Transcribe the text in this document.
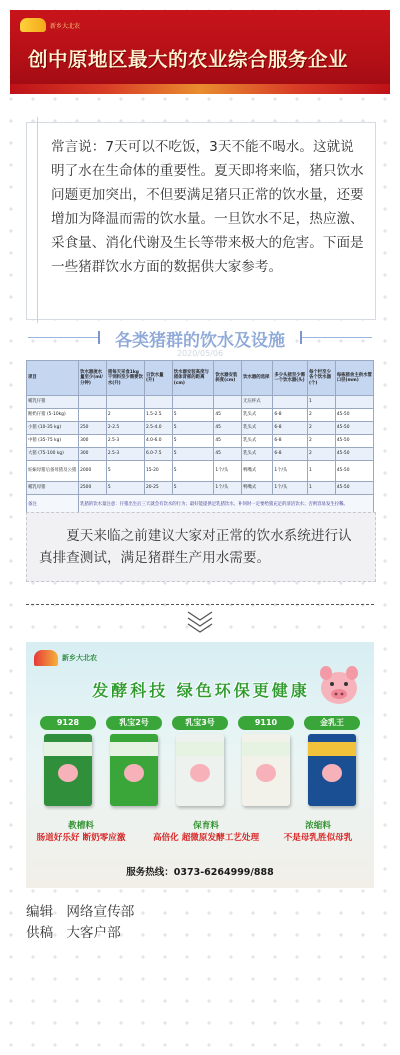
新乡大北农
创中原地区最大的农业综合服务企业
常言说：7天可以不吃饭，3天不能不喝水。这就说明了水在生命体的重要性。夏天即将来临，猪只饮水问题更加突出，不但要满足猪只正常的饮水量，还要增加为降温而需的饮水量。一旦饮水不足，热应激、采食量、消化代谢及生长等带来极大的危害。下面是一些猪群饮水方面的数据供大家参考。
各类猪群的饮水及设施
2020/05/06
项目	饮水器流水量至少(ml/分钟)	猪每天采食1kg干饲料至少需要饮水(升)	日饮水量(升)	饮水器安装高度与猪体背部的距离(cm)	饮水器安装斜度(cm)	饮水器的选择	多少头猪至少需一个饮水器(头)	每个栏至少各个饮水器(个)	每栋猪舍主供水管口径(mm)
哺乳仔猪						无压杯式		1	
断奶仔猪 (5-10kg)		2	1.5-2.5	5	45	乳头式	6-8	2	45-50
小猪 (10-35 kg)	250	2-2.5	2.5-4.0	5	45	乳头式	6-8	2	45-50
中猪 (35-75 kg)	300	2.5-3	4.0-6.0	5	45	乳头式	6-8	2	45-50
大猪 (75-100 kg)	300	2.5-3	6.0-7.5	5	45	乳头式	6-8	2	45-50
妊娠母猪后备母猪及公猪	2000	5	15-20	5	1个/头	鸭嘴式	1个/头	1	45-50
哺乳母猪	2500	5	20-25	5	1个/头	鸭嘴式	1个/头	1	45-50
备注	乳猪的饮水量注意：仔猪出生后三天就会有饮水的行为；最好能提供足乳猪饮水，补饲时一定要给猪充足的清洁饮水；否则容易发生拉稀。								
夏天来临之前建议大家对正常的饮水系统进行认真排查测试，满足猪群生产用水需要。
新乡大北农
发酵科技 绿色环保更健康
9128	乳宝2号	乳宝3号	9110	金乳王
教槽料
肠道好乐好 断奶零应激
保育料
高倍化 超微原发酵工艺处理
浓缩料
不是母乳胜似母乳
服务热线：0373-6264999/888
编辑 网络宣传部
供稿 大客户部
